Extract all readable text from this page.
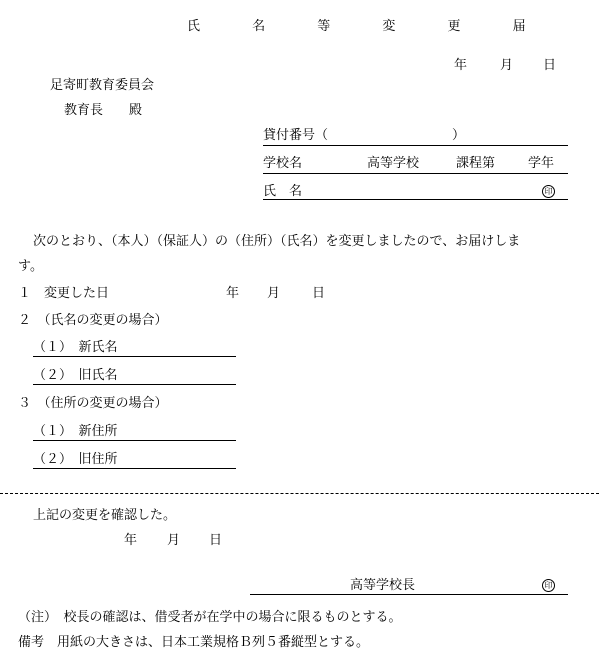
氏 名 等 変 更 届
年	月 日
足寄町教育委員会
教育長　　殿
貸付番号（	）
学校名	高等学校	課程第	学年
氏　名	印
次のとおり、（本人）（保証人）の（住所）（氏名）を変更しましたので、お届けしま
す。
１　変更した日	年 月 日
２　（氏名の変更の場合）
（１）　新氏名
（２）　旧氏名
３　（住所の変更の場合）
（１）　新住所
（２）　旧住所
上記の変更を確認した。
年 月 日
高等学校長	印
（注）　校長の確認は、借受者が在学中の場合に限るものとする。
備考　用紙の大きさは、日本工業規格Ｂ列５番縦型とする。
